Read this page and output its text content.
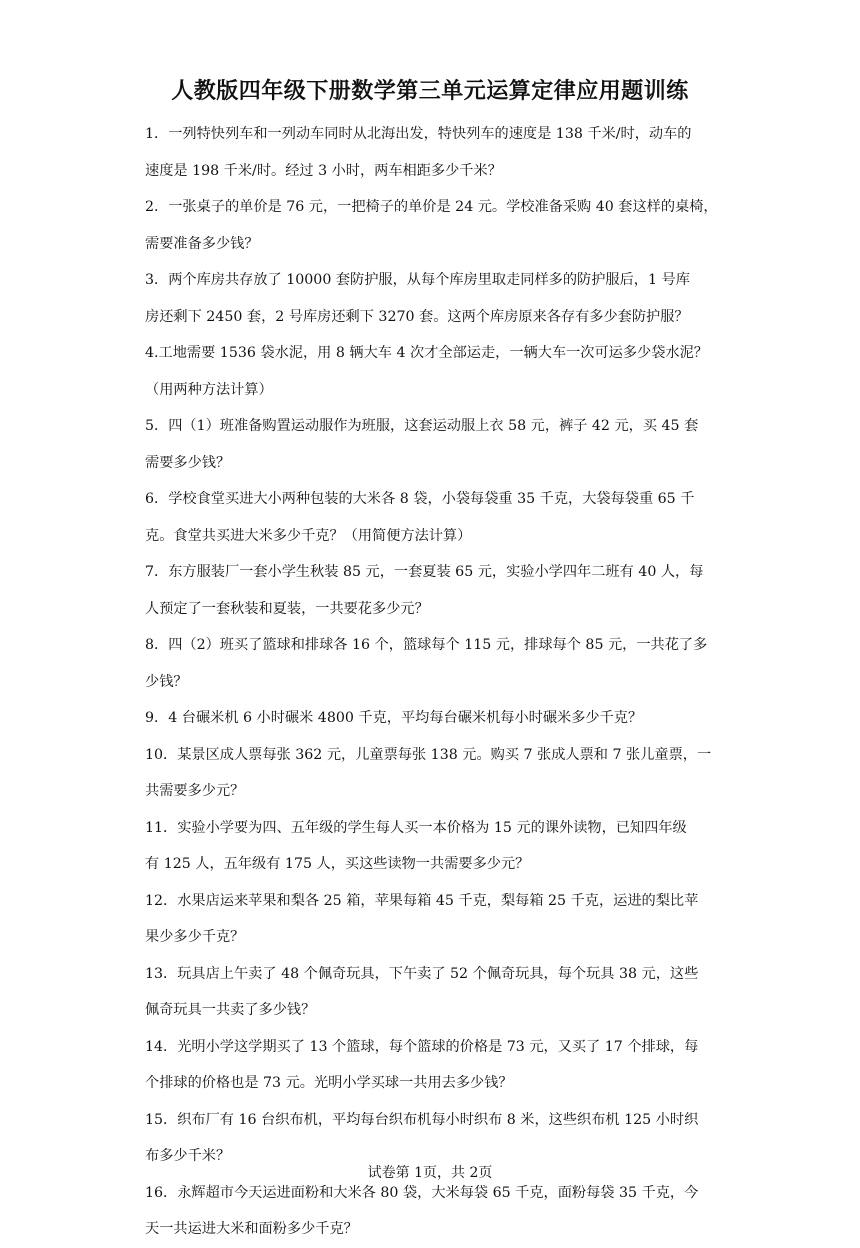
人教版四年级下册数学第三单元运算定律应用题训练
1．一列特快列车和一列动车同时从北海出发，特快列车的速度是 138 千米/时，动车的
速度是 198 千米/时。经过 3 小时，两车相距多少千米？
2．一张桌子的单价是 76 元，一把椅子的单价是 24 元。学校准备采购 40 套这样的桌椅，
需要准备多少钱？
3．两个库房共存放了 10000 套防护服，从每个库房里取走同样多的防护服后，1 号库
房还剩下 2450 套，2 号库房还剩下 3270 套。这两个库房原来各存有多少套防护服？
4.工地需要 1536 袋水泥，用 8 辆大车 4 次才全部运走，一辆大车一次可运多少袋水泥？
（用两种方法计算）
5．四（1）班准备购置运动服作为班服，这套运动服上衣 58 元，裤子 42 元，买 45 套
需要多少钱？
6．学校食堂买进大小两种包装的大米各 8 袋，小袋每袋重 35 千克，大袋每袋重 65 千
克。食堂共买进大米多少千克？（用简便方法计算）
7．东方服装厂一套小学生秋装 85 元，一套夏装 65 元，实验小学四年二班有 40 人，每
人预定了一套秋装和夏装，一共要花多少元？
8．四（2）班买了篮球和排球各 16 个，篮球每个 115 元，排球每个 85 元，一共花了多
少钱？
9．4 台碾米机 6 小时碾米 4800 千克，平均每台碾米机每小时碾米多少千克？
10．某景区成人票每张 362 元，儿童票每张 138 元。购买 7 张成人票和 7 张儿童票，一
共需要多少元？
11．实验小学要为四、五年级的学生每人买一本价格为 15 元的课外读物，已知四年级
有 125 人，五年级有 175 人，买这些读物一共需要多少元？
12．水果店运来苹果和梨各 25 箱，苹果每箱 45 千克，梨每箱 25 千克，运进的梨比苹
果少多少千克？
13．玩具店上午卖了 48 个佩奇玩具，下午卖了 52 个佩奇玩具，每个玩具 38 元，这些
佩奇玩具一共卖了多少钱？
14．光明小学这学期买了 13 个篮球，每个篮球的价格是 73 元，又买了 17 个排球，每
个排球的价格也是 73 元。光明小学买球一共用去多少钱？
15．织布厂有 16 台织布机，平均每台织布机每小时织布 8 米，这些织布机 125 小时织
布多少千米？
16．永辉超市今天运进面粉和大米各 80 袋，大米每袋 65 千克，面粉每袋 35 千克，今
天一共运进大米和面粉多少千克？
试卷第 1页，共 2页
